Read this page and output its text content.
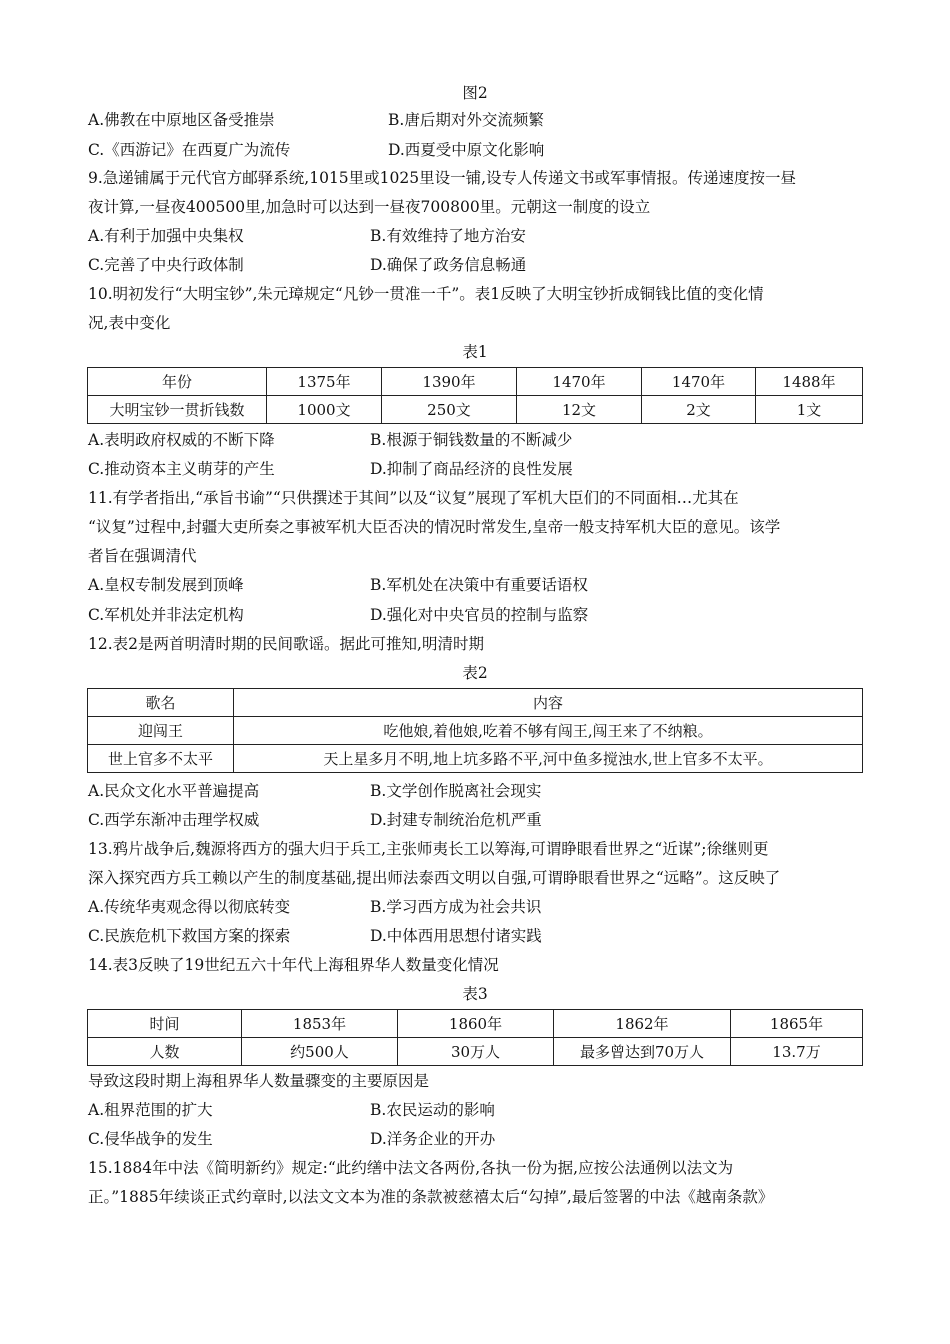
图2
A.佛教在中原地区备受推崇	B.唐后期对外交流频繁
C.《西游记》在西夏广为流传	D.西夏受中原文化影响
9.急递铺属于元代官方邮驿系统,1015里或1025里设一铺,设专人传递文书或军事情报。传递速度按一昼
夜计算,一昼夜400500里,加急时可以达到一昼夜700800里。元朝这一制度的设立
A.有利于加强中央集权	B.有效维持了地方治安
C.完善了中央行政体制	D.确保了政务信息畅通
10.明初发行“大明宝钞”,朱元璋规定“凡钞一贯准一千”。表1反映了大明宝钞折成铜钱比值的变化情
况,表中变化
表1
年份	1375年	1390年	1470年	1470年	1488年
大明宝钞一贯折钱数	1000文	250文	12文	2文	1文
A.表明政府权威的不断下降	B.根源于铜钱数量的不断减少
C.推动资本主义萌芽的产生	D.抑制了商品经济的良性发展
11.有学者指出,“承旨书谕”“只供撰述于其间”以及“议复”展现了军机大臣们的不同面相…尤其在
“议复”过程中,封疆大吏所奏之事被军机大臣否决的情况时常发生,皇帝一般支持军机大臣的意见。该学
者旨在强调清代
A.皇权专制发展到顶峰	B.军机处在决策中有重要话语权
C.军机处并非法定机构	D.强化对中央官员的控制与监察
12.表2是两首明清时期的民间歌谣。据此可推知,明清时期
表2
歌名	内容
迎闯王	吃他娘,着他娘,吃着不够有闯王,闯王来了不纳粮。
世上官多不太平	天上星多月不明,地上坑多路不平,河中鱼多搅浊水,世上官多不太平。
A.民众文化水平普遍提高	B.文学创作脱离社会现实
C.西学东渐冲击理学权威	D.封建专制统治危机严重
13.鸦片战争后,魏源将西方的强大归于兵工,主张师夷长工以筹海,可谓睁眼看世界之“近谋”;徐继则更
深入探究西方兵工赖以产生的制度基础,提出师法泰西文明以自强,可谓睁眼看世界之“远略”。这反映了
A.传统华夷观念得以彻底转变	B.学习西方成为社会共识
C.民族危机下救国方案的探索	D.中体西用思想付诸实践
14.表3反映了19世纪五六十年代上海租界华人数量变化情况
表3
时间	1853年	1860年	1862年	1865年
人数	约500人	30万人	最多曾达到70万人	13.7万
导致这段时期上海租界华人数量骤变的主要原因是
A.租界范围的扩大	B.农民运动的影响
C.侵华战争的发生	D.洋务企业的开办
15.1884年中法《简明新约》规定:“此约缮中法文各两份,各执一份为据,应按公法通例以法文为
正。”1885年续谈正式约章时,以法文文本为准的条款被慈禧太后“勾掉”,最后签署的中法《越南条款》
